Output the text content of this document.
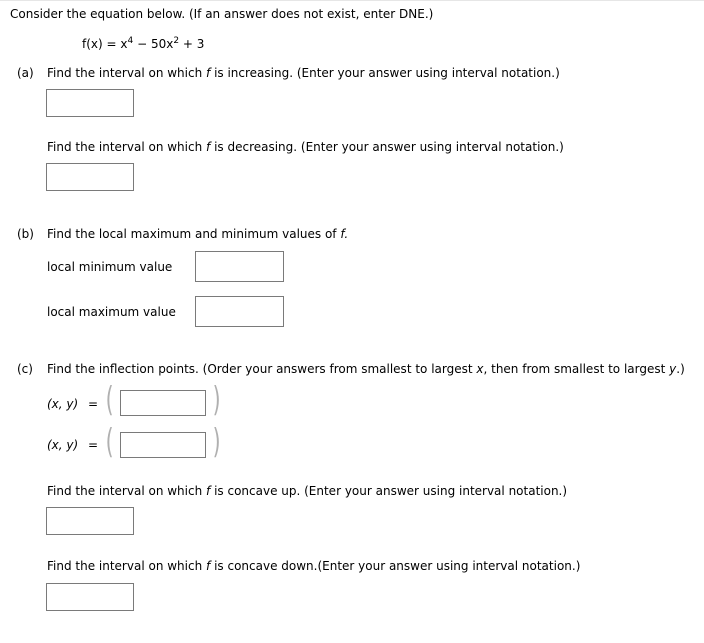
Consider the equation below. (If an answer does not exist, enter DNE.)
$f(x) = x^4 - 50x^2 + 3$
(a) Find the interval on which f is increasing. (Enter your answer using interval notation.)
Find the interval on which f is decreasing. (Enter your answer using interval notation.)
(b) Find the local maximum and minimum values of f.
local minimum value
local maximum value
(c) Find the inflection points. (Order your answers from smallest to largest x, then from smallest to largest y.)
(x, y) = (	)
(x, y) = (	)
Find the interval on which f is concave up. (Enter your answer using interval notation.)
Find the interval on which f is concave down.(Enter your answer using interval notation.)
